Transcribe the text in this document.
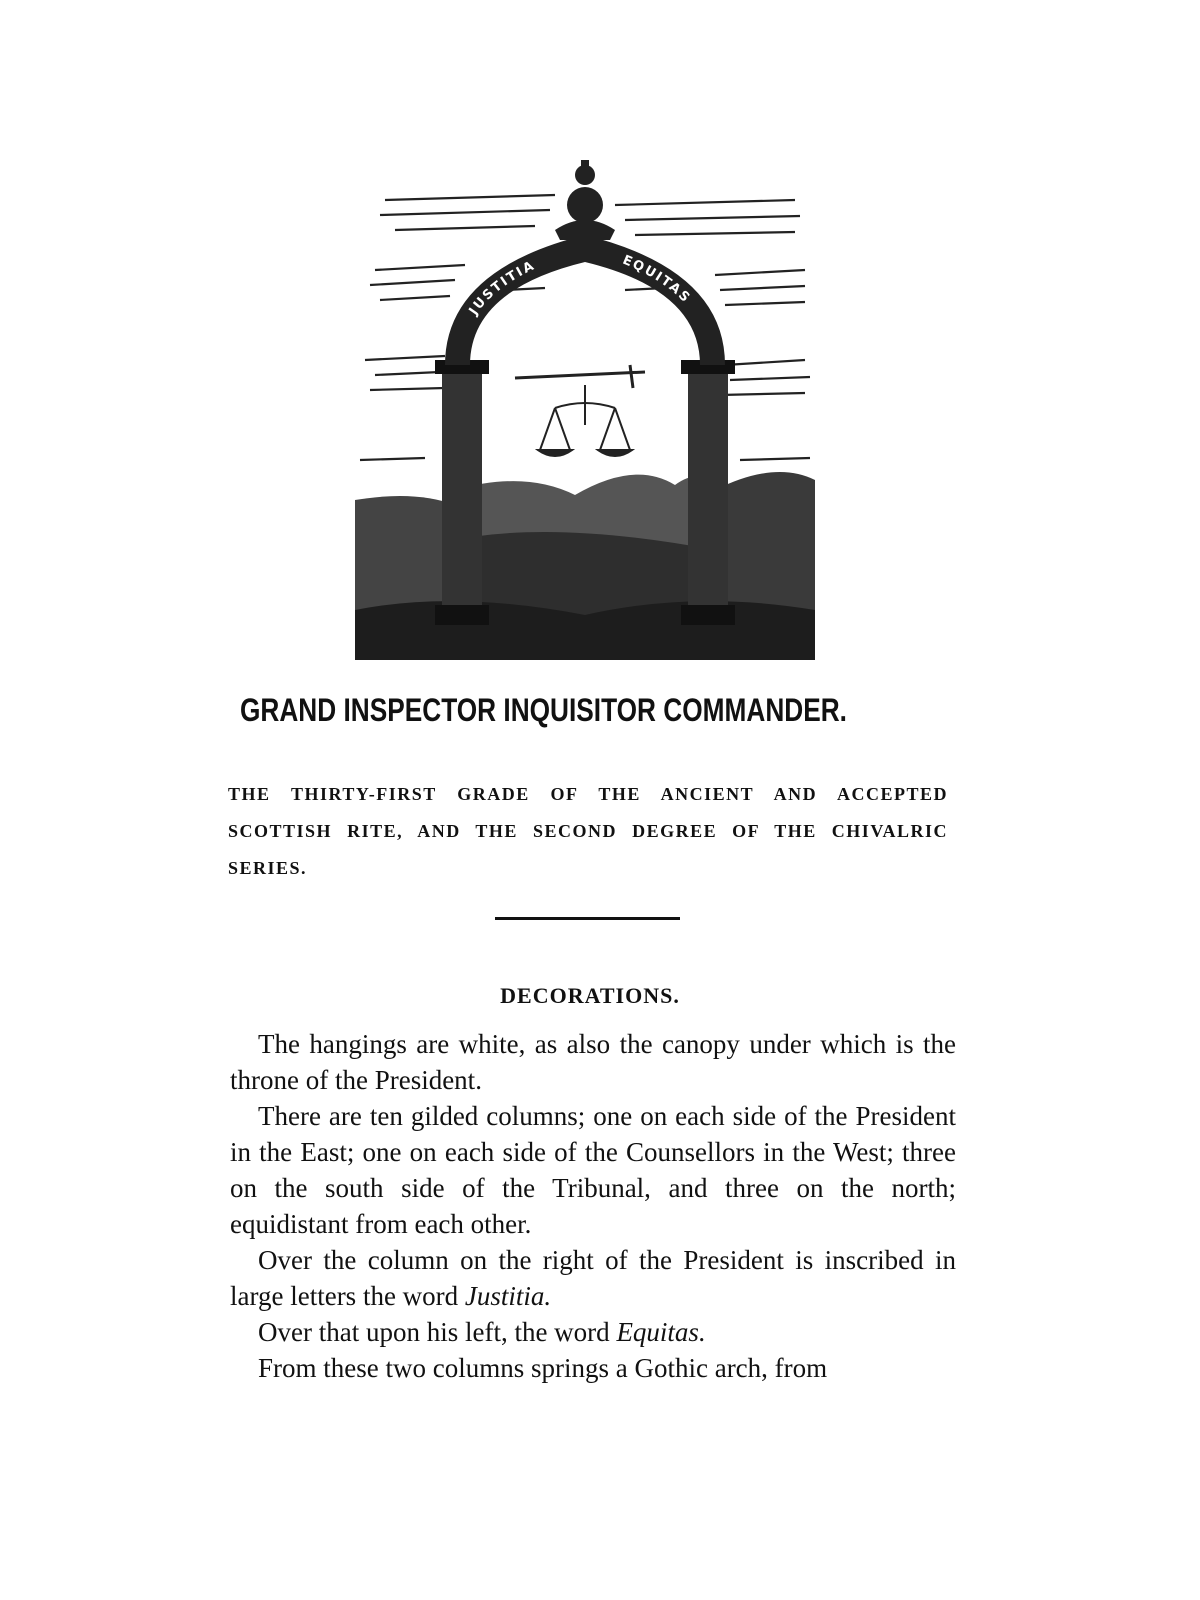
JUSTITIA	EQUITAS
GRAND INSPECTOR INQUISITOR COMMANDER.

THE THIRTY-FIRST GRADE OF THE ANCIENT AND ACCEPTED SCOTTISH RITE, AND THE SECOND DEGREE OF THE CHIVALRIC SERIES.

DECORATIONS.

The hangings are white, as also the canopy under which is the throne of the President.

There are ten gilded columns; one on each side of the President in the East; one on each side of the Counsellors in the West; three on the south side of the Tribunal, and three on the north; equidistant from each other.

Over the column on the right of the President is inscribed in large letters the word Justitia.

Over that upon his left, the word Equitas.

From these two columns springs a Gothic arch, from
